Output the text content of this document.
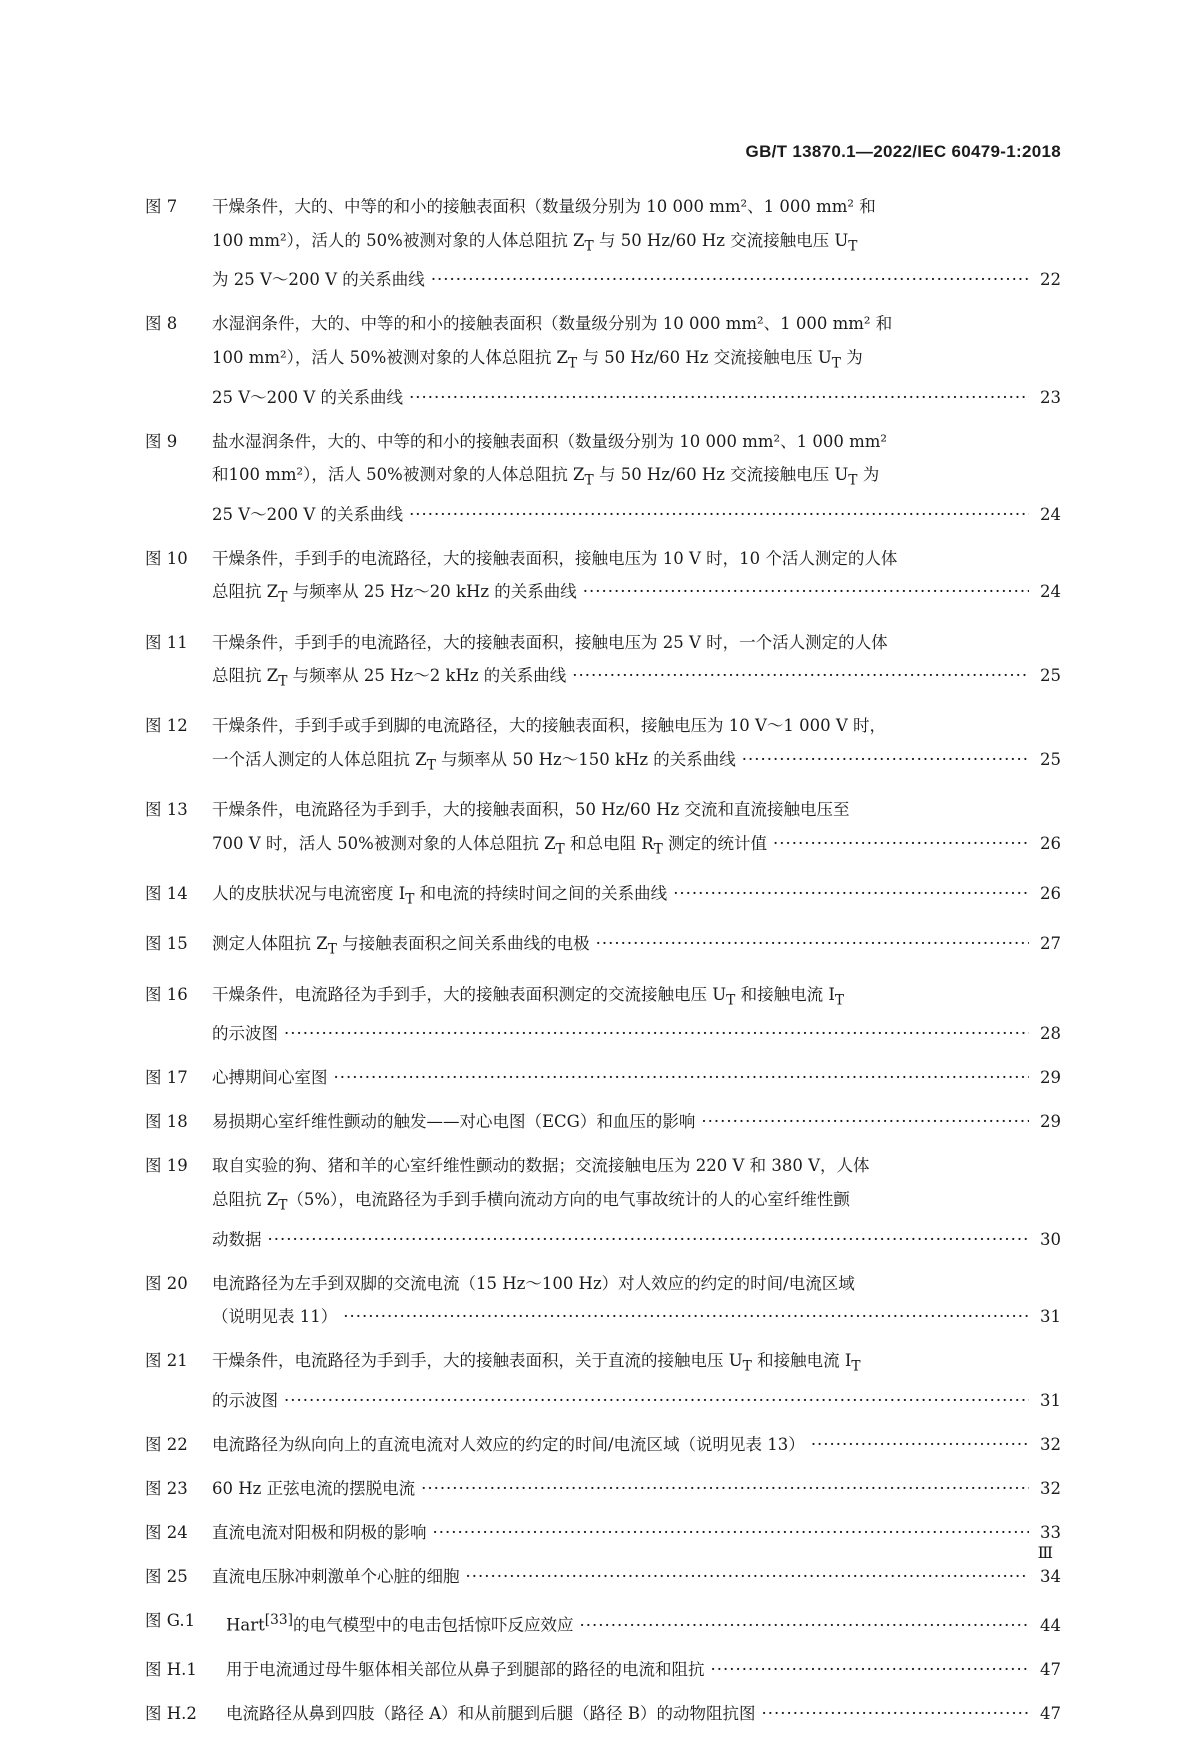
GB/T 13870.1—2022/IEC 60479-1:2018
图 7	干燥条件，大的、中等的和小的接触表面积（数量级分别为 10 000 mm²、1 000 mm² 和
100 mm²），活人的 50%被测对象的人体总阻抗 $Z_T$ 与 50 Hz/60 Hz 交流接触电压 $U_T$
为 25 V～200 V 的关系曲线 ·····	22
图 8	水湿润条件，大的、中等的和小的接触表面积（数量级分别为 10 000 mm²、1 000 mm² 和
100 mm²），活人 50%被测对象的人体总阻抗 $Z_T$ 与 50 Hz/60 Hz 交流接触电压 $U_T$ 为
25 V～200 V 的关系曲线 ·····	23
图 9	盐水湿润条件，大的、中等的和小的接触表面积（数量级分别为 10 000 mm²、1 000 mm²
和100 mm²），活人 50%被测对象的人体总阻抗 $Z_T$ 与 50 Hz/60 Hz 交流接触电压 $U_T$ 为
25 V～200 V 的关系曲线 ·····	24
图 10	干燥条件，手到手的电流路径，大的接触表面积，接触电压为 10 V 时，10 个活人测定的人体
总阻抗 $Z_T$ 与频率从 25 Hz～20 kHz 的关系曲线 ·····	24
图 11	干燥条件，手到手的电流路径，大的接触表面积，接触电压为 25 V 时，一个活人测定的人体
总阻抗 $Z_T$ 与频率从 25 Hz～2 kHz 的关系曲线 ·····	25
图 12	干燥条件，手到手或手到脚的电流路径，大的接触表面积，接触电压为 10 V～1 000 V 时，
一个活人测定的人体总阻抗 $Z_T$ 与频率从 50 Hz～150 kHz 的关系曲线 ·····	25
图 13	干燥条件，电流路径为手到手，大的接触表面积，50 Hz/60 Hz 交流和直流接触电压至
700 V 时，活人 50%被测对象的人体总阻抗 $Z_T$ 和总电阻 $R_T$ 测定的统计值 ·····	26
图 14	人的皮肤状况与电流密度 $I_T$ 和电流的持续时间之间的关系曲线 ·····	26
图 15	测定人体阻抗 $Z_T$ 与接触表面积之间关系曲线的电极 ·····	27
图 16	干燥条件，电流路径为手到手，大的接触表面积测定的交流接触电压 $U_T$ 和接触电流 $I_T$
的示波图 ·····	28
图 17	心搏期间心室图 ·····	29
图 18	易损期心室纤维性颤动的触发——对心电图（ECG）和血压的影响 ·····	29
图 19	取自实验的狗、猪和羊的心室纤维性颤动的数据；交流接触电压为 220 V 和 380 V，人体
总阻抗 $Z_T(5\%)$，电流路径为手到手横向流动方向的电气事故统计的人的心室纤维性颤
动数据 ·····	30
图 20	电流路径为左手到双脚的交流电流（15 Hz～100 Hz）对人效应的约定的时间/电流区域
（说明见表 11） ·····	31
图 21	干燥条件，电流路径为手到手，大的接触表面积，关于直流的接触电压 $U_T$ 和接触电流 $I_T$
的示波图 ·····	31
图 22	电流路径为纵向向上的直流电流对人效应的约定的时间/电流区域（说明见表 13） ·····	32
图 23	60 Hz 正弦电流的摆脱电流 ·····	32
图 24	直流电流对阳极和阴极的影响 ·····	33
图 25	直流电压脉冲刺激单个心脏的细胞 ·····	34
图 G.1	Hart[33]的电气模型中的电击包括惊吓反应效应 ·····	44
图 H.1	用于电流通过母牛躯体相关部位从鼻子到腿部的路径的电流和阻抗 ·····	47
图 H.2	电流路径从鼻到四肢（路径 A）和从前腿到后腿（路径 B）的动物阻抗图 ·····	47
Ⅲ
